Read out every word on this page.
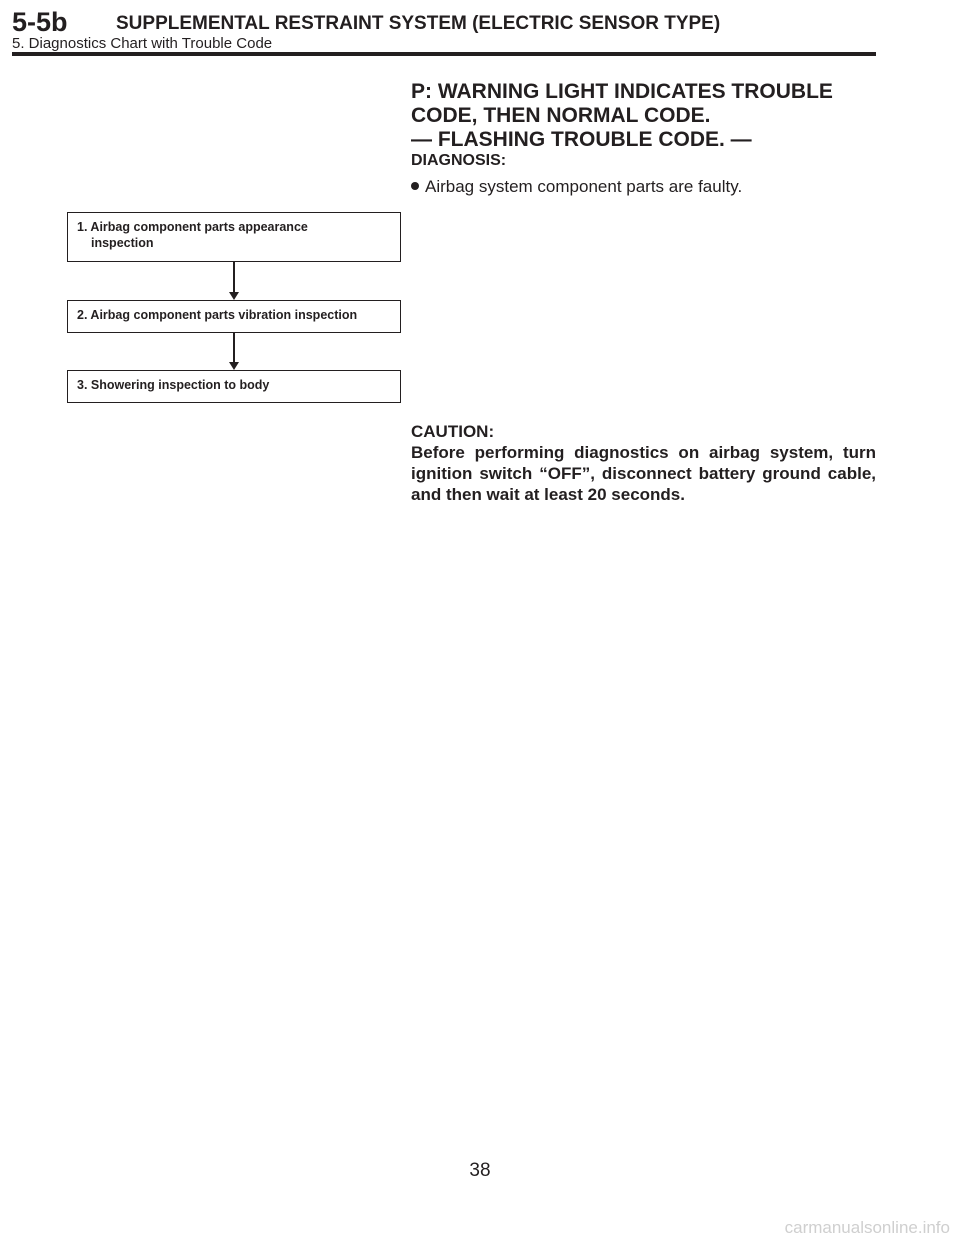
5-5b	SUPPLEMENTAL RESTRAINT SYSTEM (ELECTRIC SENSOR TYPE)
5. Diagnostics Chart with Trouble Code
1. Airbag component parts appearance
inspection
2. Airbag component parts vibration inspection
3. Showering inspection to body
P: WARNING LIGHT INDICATES TROUBLE
CODE, THEN NORMAL CODE.
— FLASHING TROUBLE CODE. —
DIAGNOSIS:
Airbag system component parts are faulty.
CAUTION:
Before performing diagnostics on airbag system, turn ignition switch “OFF”, disconnect battery ground cable, and then wait at least 20 seconds.
38
carmanualsonline.info
